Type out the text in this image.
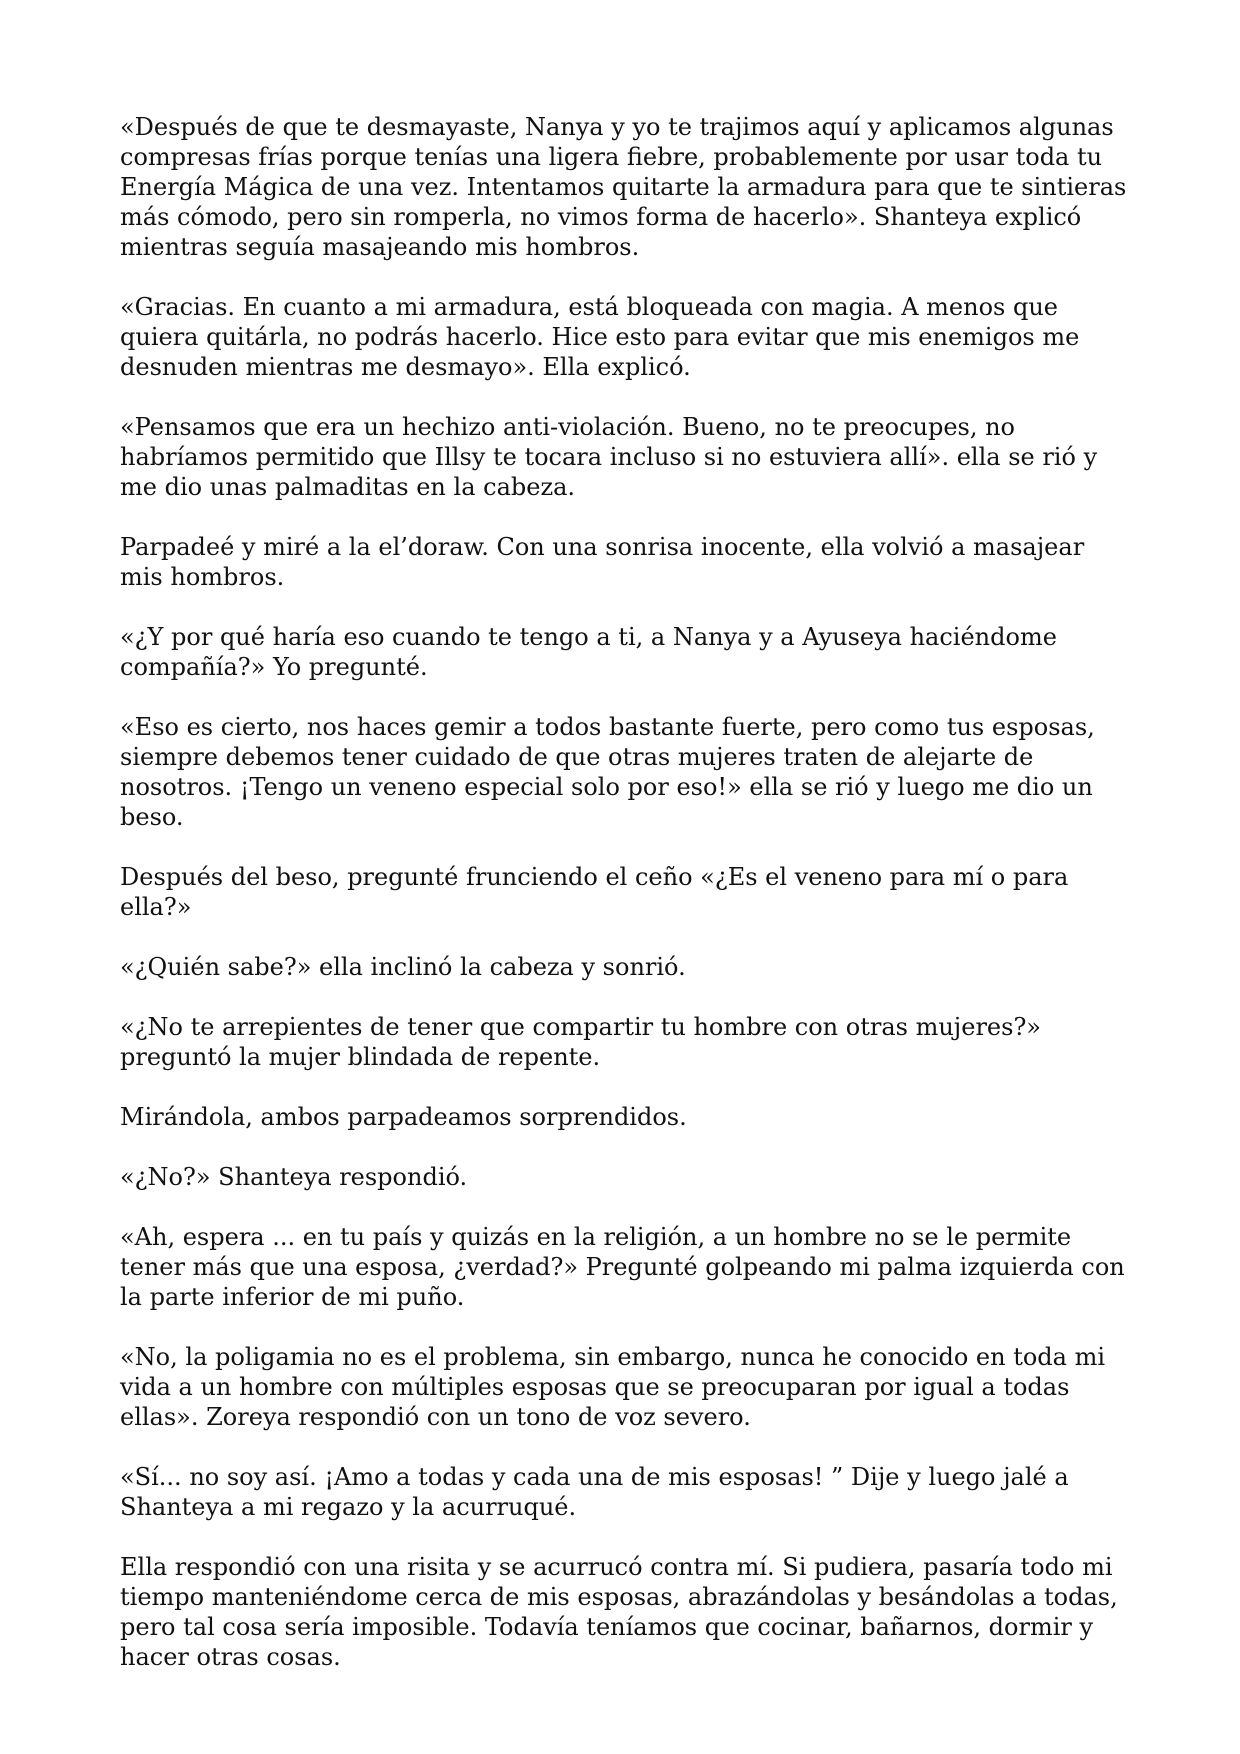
«Después de que te desmayaste, Nanya y yo te trajimos aquí y aplicamos algunas compresas frías porque tenías una ligera fiebre, probablemente por usar toda tu Energía Mágica de una vez. Intentamos quitarte la armadura para que te sintieras más cómodo, pero sin romperla, no vimos forma de hacerlo». Shanteya explicó mientras seguía masajeando mis hombros.

«Gracias. En cuanto a mi armadura, está bloqueada con magia. A menos que quiera quitárla, no podrás hacerlo. Hice esto para evitar que mis enemigos me desnuden mientras me desmayo». Ella explicó.

«Pensamos que era un hechizo anti-violación. Bueno, no te preocupes, no habríamos permitido que Illsy te tocara incluso si no estuviera allí». ella se rió y me dio unas palmaditas en la cabeza.

Parpadeé y miré a la el’doraw. Con una sonrisa inocente, ella volvió a masajear mis hombros.

«¿Y por qué haría eso cuando te tengo a ti, a Nanya y a Ayuseya haciéndome compañía?» Yo pregunté.

«Eso es cierto, nos haces gemir a todos bastante fuerte, pero como tus esposas, siempre debemos tener cuidado de que otras mujeres traten de alejarte de nosotros. ¡Tengo un veneno especial solo por eso!» ella se rió y luego me dio un beso.

Después del beso, pregunté frunciendo el ceño «¿Es el veneno para mí o para ella?»

«¿Quién sabe?» ella inclinó la cabeza y sonrió.

«¿No te arrepientes de tener que compartir tu hombre con otras mujeres?» preguntó la mujer blindada de repente.

Mirándola, ambos parpadeamos sorprendidos.

«¿No?» Shanteya respondió.

«Ah, espera ... en tu país y quizás en la religión, a un hombre no se le permite tener más que una esposa, ¿verdad?» Pregunté golpeando mi palma izquierda con la parte inferior de mi puño.

«No, la poligamia no es el problema, sin embargo, nunca he conocido en toda mi vida a un hombre con múltiples esposas que se preocuparan por igual a todas ellas». Zoreya respondió con un tono de voz severo.

«Sí... no soy así. ¡Amo a todas y cada una de mis esposas! ” Dije y luego jalé a Shanteya a mi regazo y la acurruqué.

Ella respondió con una risita y se acurrucó contra mí. Si pudiera, pasaría todo mi tiempo manteniéndome cerca de mis esposas, abrazándolas y besándolas a todas, pero tal cosa sería imposible. Todavía teníamos que cocinar, bañarnos, dormir y hacer otras cosas.
